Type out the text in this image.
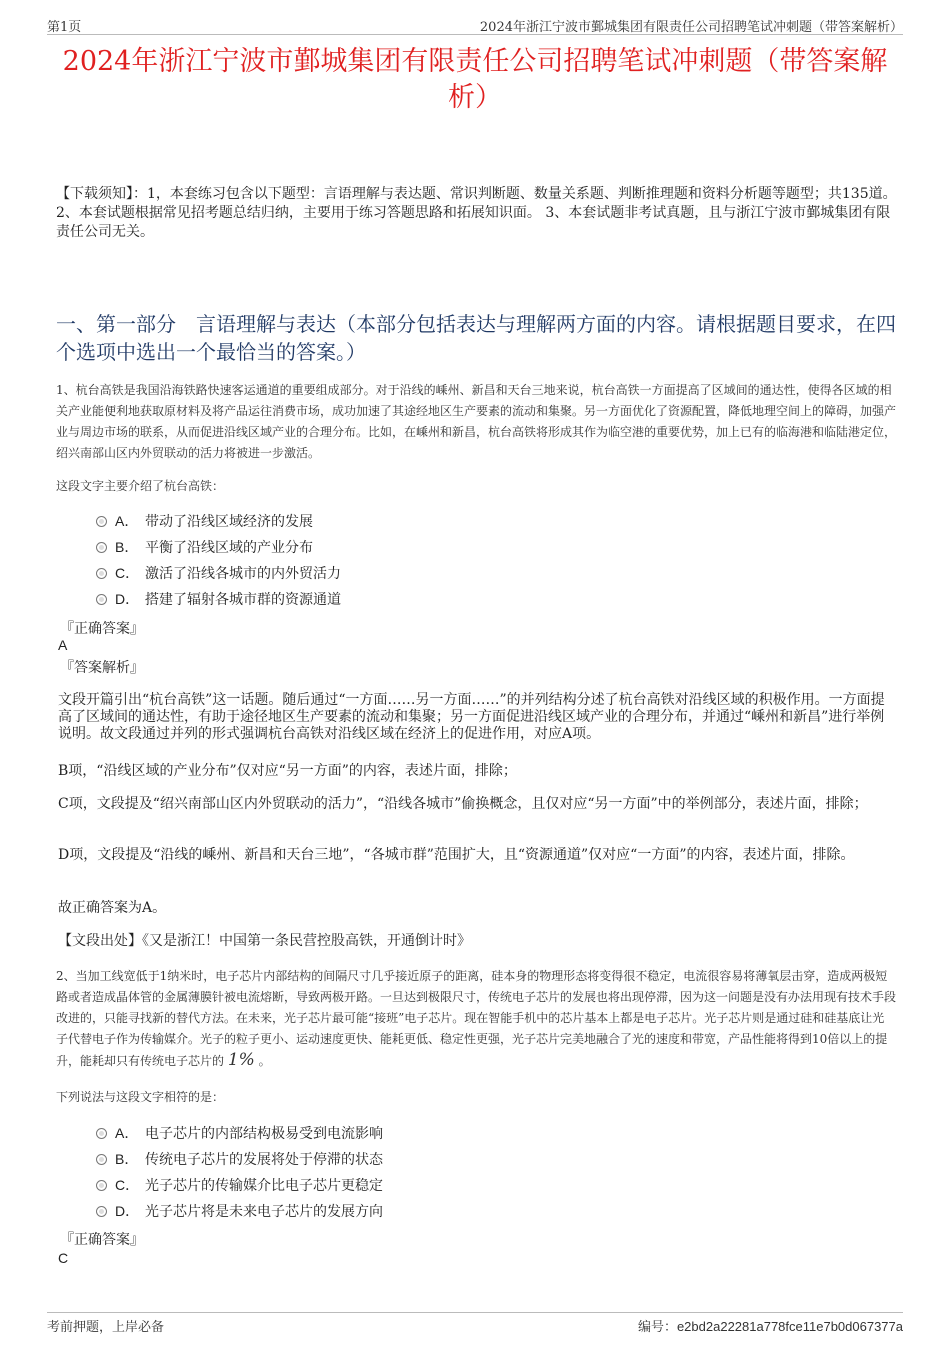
第1页	2024年浙江宁波市鄞城集团有限责任公司招聘笔试冲刺题（带答案解析）
2024年浙江宁波市鄞城集团有限责任公司招聘笔试冲刺题（带答案解析）
【下载须知】：1，本套练习包含以下题型：言语理解与表达题、常识判断题、数量关系题、判断推理题和资料分析题等题型；共135道。 2、本套试题根据常见招考题总结归纳，主要用于练习答题思路和拓展知识面。 3、本套试题非考试真题，且与浙江宁波市鄞城集团有限责任公司无关。
一、第一部分　言语理解与表达（本部分包括表达与理解两方面的内容。请根据题目要求，在四个选项中选出一个最恰当的答案。）
1、杭台高铁是我国沿海铁路快速客运通道的重要组成部分。对于沿线的嵊州、新昌和天台三地来说，杭台高铁一方面提高了区域间的通达性，使得各区域的相关产业能便利地获取原材料及将产品运往消费市场，成功加速了其途经地区生产要素的流动和集聚。另一方面优化了资源配置，降低地理空间上的障碍，加强产业与周边市场的联系，从而促进沿线区域产业的合理分布。比如，在嵊州和新昌，杭台高铁将形成其作为临空港的重要优势，加上已有的临海港和临陆港定位，绍兴南部山区内外贸联动的活力将被进一步激活。
这段文字主要介绍了杭台高铁：
A． 带动了沿线区域经济的发展
B． 平衡了沿线区域的产业分布
C． 激活了沿线各城市的内外贸活力
D． 搭建了辐射各城市群的资源通道
『正确答案』
A
『答案解析』
文段开篇引出“杭台高铁”这一话题。随后通过“一方面……另一方面……”的并列结构分述了杭台高铁对沿线区域的积极作用。一方面提高了区域间的通达性，有助于途径地区生产要素的流动和集聚；另一方面促进沿线区域产业的合理分布，并通过“嵊州和新昌”进行举例说明。故文段通过并列的形式强调杭台高铁对沿线区域在经济上的促进作用，对应A项。
B项，“沿线区域的产业分布”仅对应“另一方面”的内容，表述片面，排除；
C项，文段提及“绍兴南部山区内外贸联动的活力”，“沿线各城市”偷换概念，且仅对应“另一方面”中的举例部分，表述片面，排除；
D项，文段提及“沿线的嵊州、新昌和天台三地”，“各城市群”范围扩大，且“资源通道”仅对应“一方面”的内容，表述片面，排除。
故正确答案为A。
【文段出处】《又是浙江！中国第一条民营控股高铁，开通倒计时》
2、当加工线宽低于1纳米时，电子芯片内部结构的间隔尺寸几乎接近原子的距离，硅本身的物理形态将变得很不稳定，电流很容易将薄氧层击穿，造成两极短路或者造成晶体管的金属薄膜针被电流熔断，导致两极开路。一旦达到极限尺寸，传统电子芯片的发展也将出现停滞，因为这一问题是没有办法用现有技术手段改进的，只能寻找新的替代方法。在未来，光子芯片最可能“接班”电子芯片。现在智能手机中的芯片基本上都是电子芯片。光子芯片则是通过硅和硅基底让光子代替电子作为传输媒介。光子的粒子更小、运动速度更快、能耗更低、稳定性更强，光子芯片完美地融合了光的速度和带宽，产品性能将得到10倍以上的提升，能耗却只有传统电子芯片的 1% 。
下列说法与这段文字相符的是：
A． 电子芯片的内部结构极易受到电流影响
B． 传统电子芯片的发展将处于停滞的状态
C． 光子芯片的传输媒介比电子芯片更稳定
D． 光子芯片将是未来电子芯片的发展方向
『正确答案』
C
考前押题，上岸必备	编号：e2bd2a22281a778fce11e7b0d067377a
